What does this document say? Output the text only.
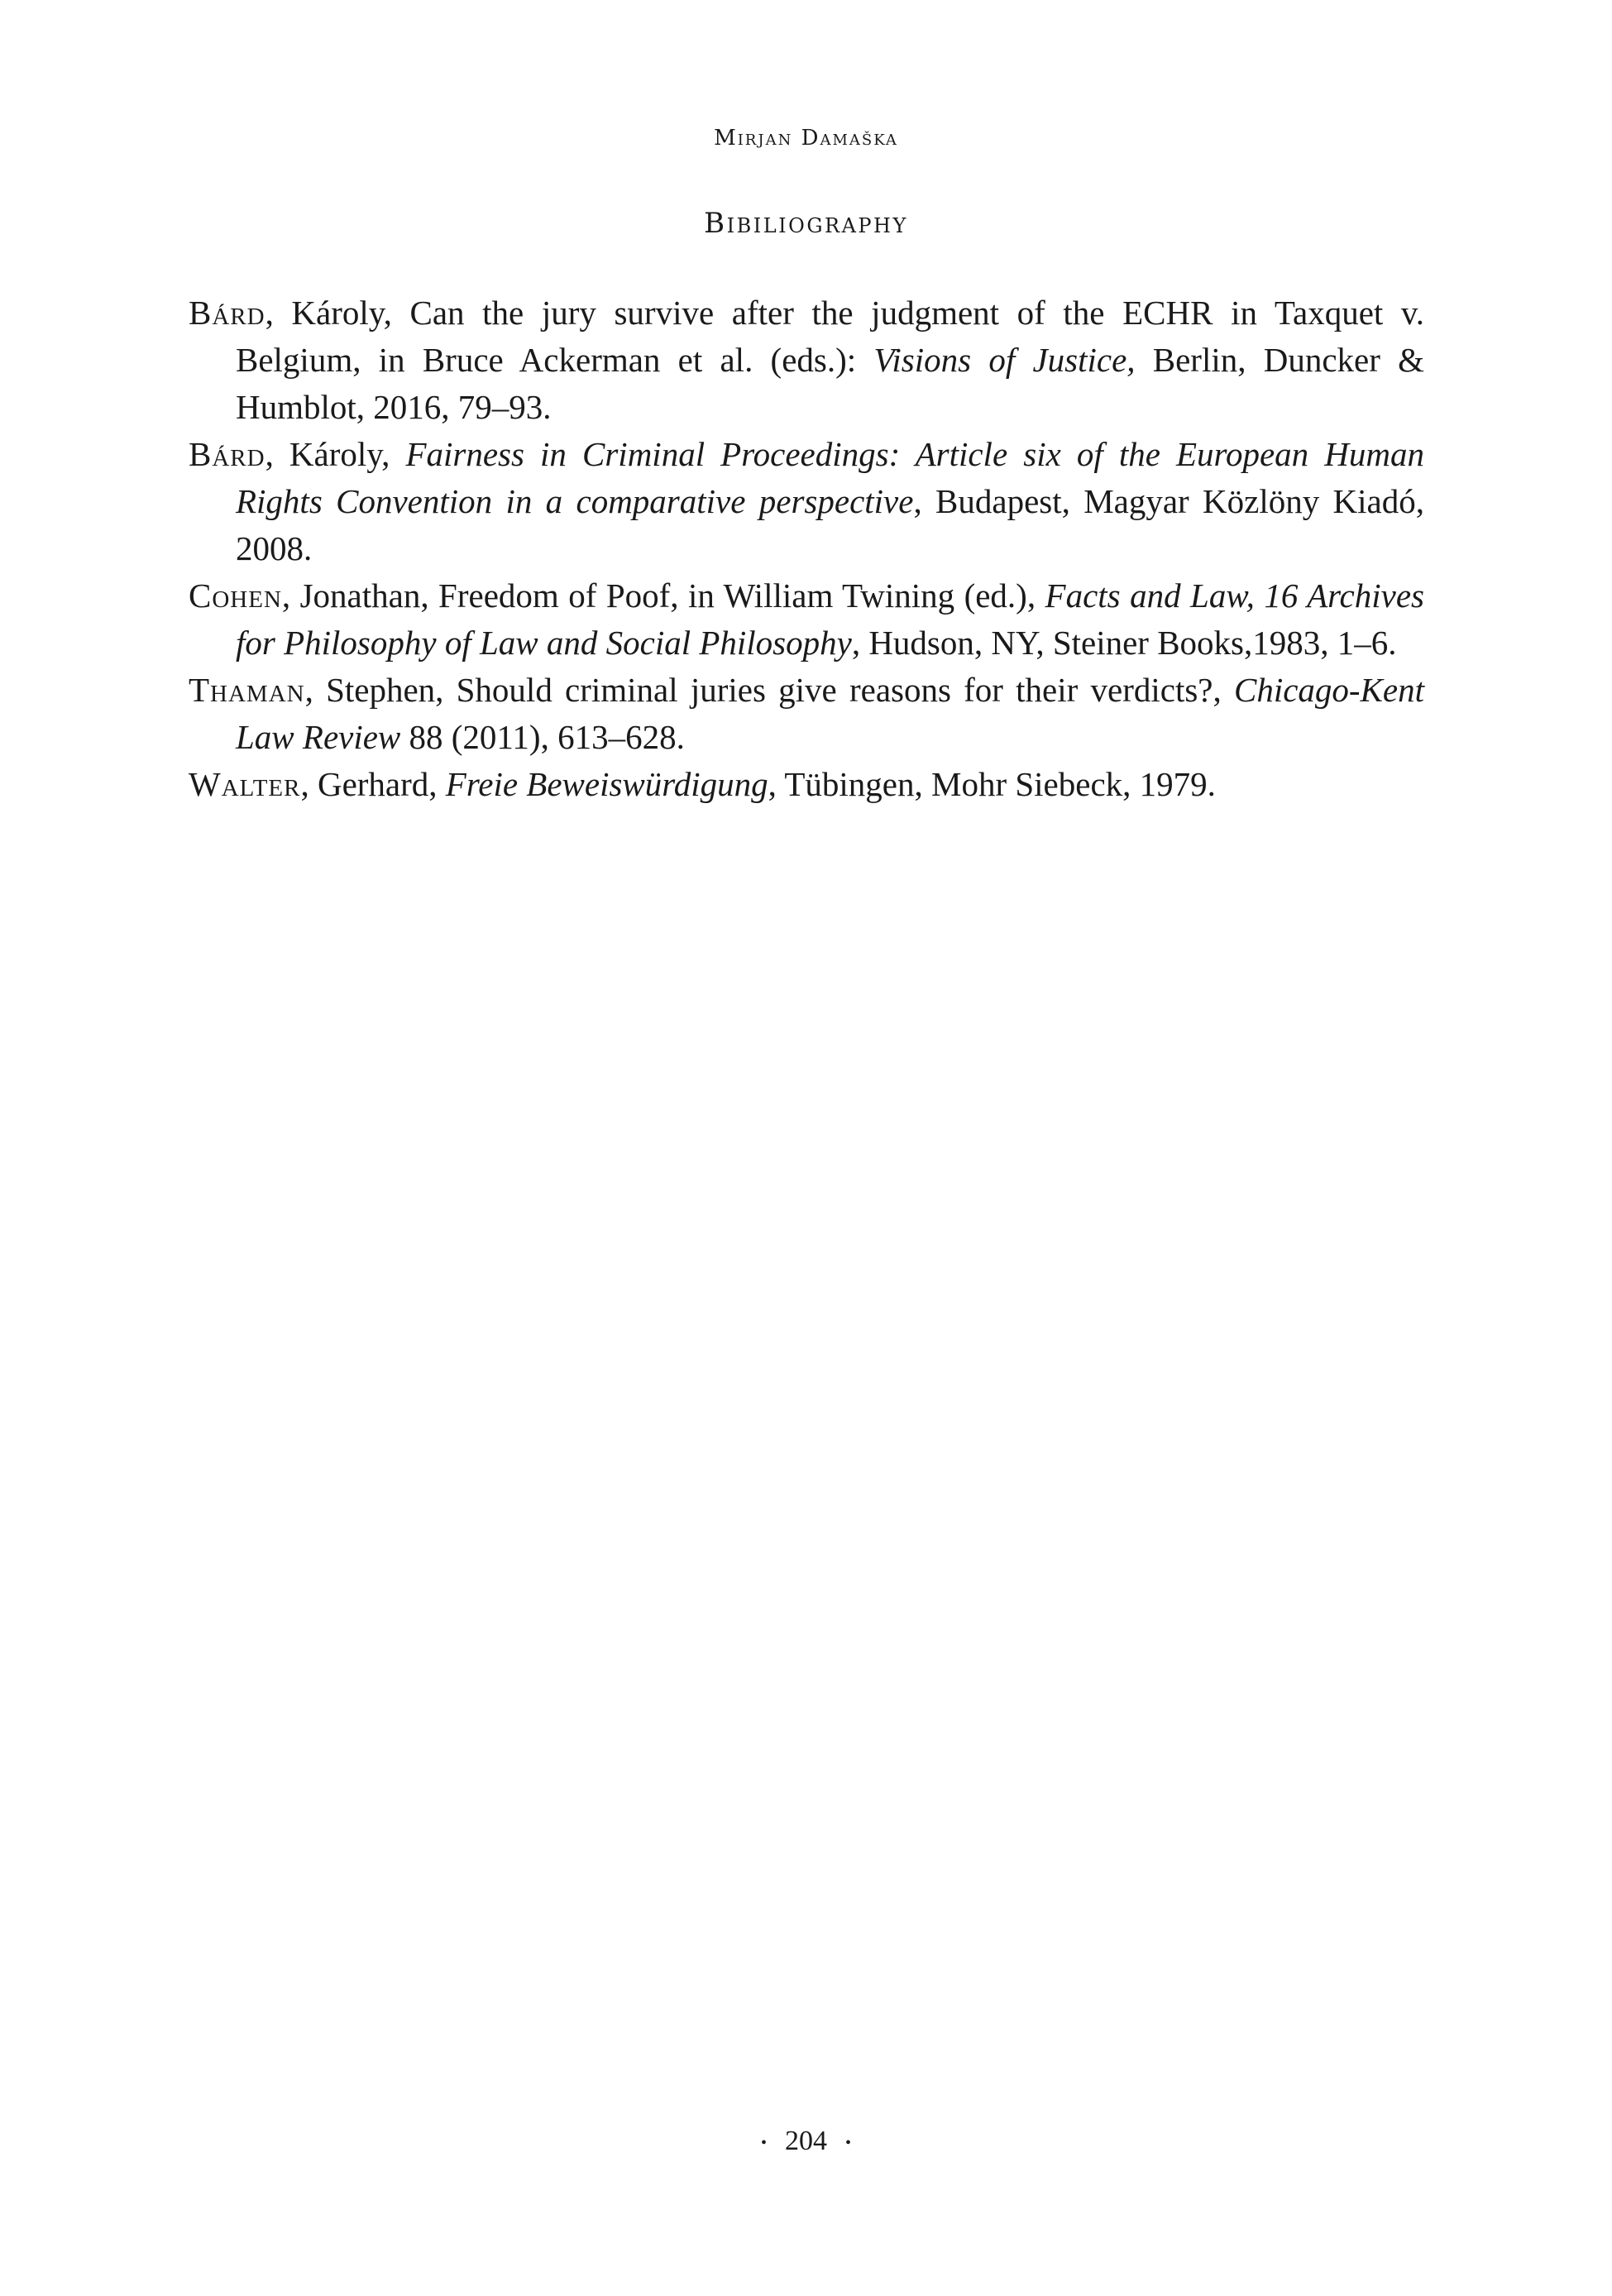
Mirjan Damaška
Bibiliography
Bárd, Károly, Can the jury survive after the judgment of the ECHR in Taxquet v. Belgium, in Bruce Ackerman et al. (eds.): Visions of Justice, Berlin, Duncker & Humblot, 2016, 79–93.
Bárd, Károly, Fairness in Criminal Proceedings: Article six of the European Human Rights Convention in a comparative perspective, Budapest, Magyar Közlöny Kiadó, 2008.
Cohen, Jonathan, Freedom of Poof, in William Twining (ed.), Facts and Law, 16 Archives for Philosophy of Law and Social Philosophy, Hudson, NY, Steiner Books,1983, 1–6.
Thaman, Stephen, Should criminal juries give reasons for their verdicts?, Chicago-Kent Law Review 88 (2011), 613–628.
Walter, Gerhard, Freie Beweiswürdigung, Tübingen, Mohr Siebeck, 1979.
• 204 •
